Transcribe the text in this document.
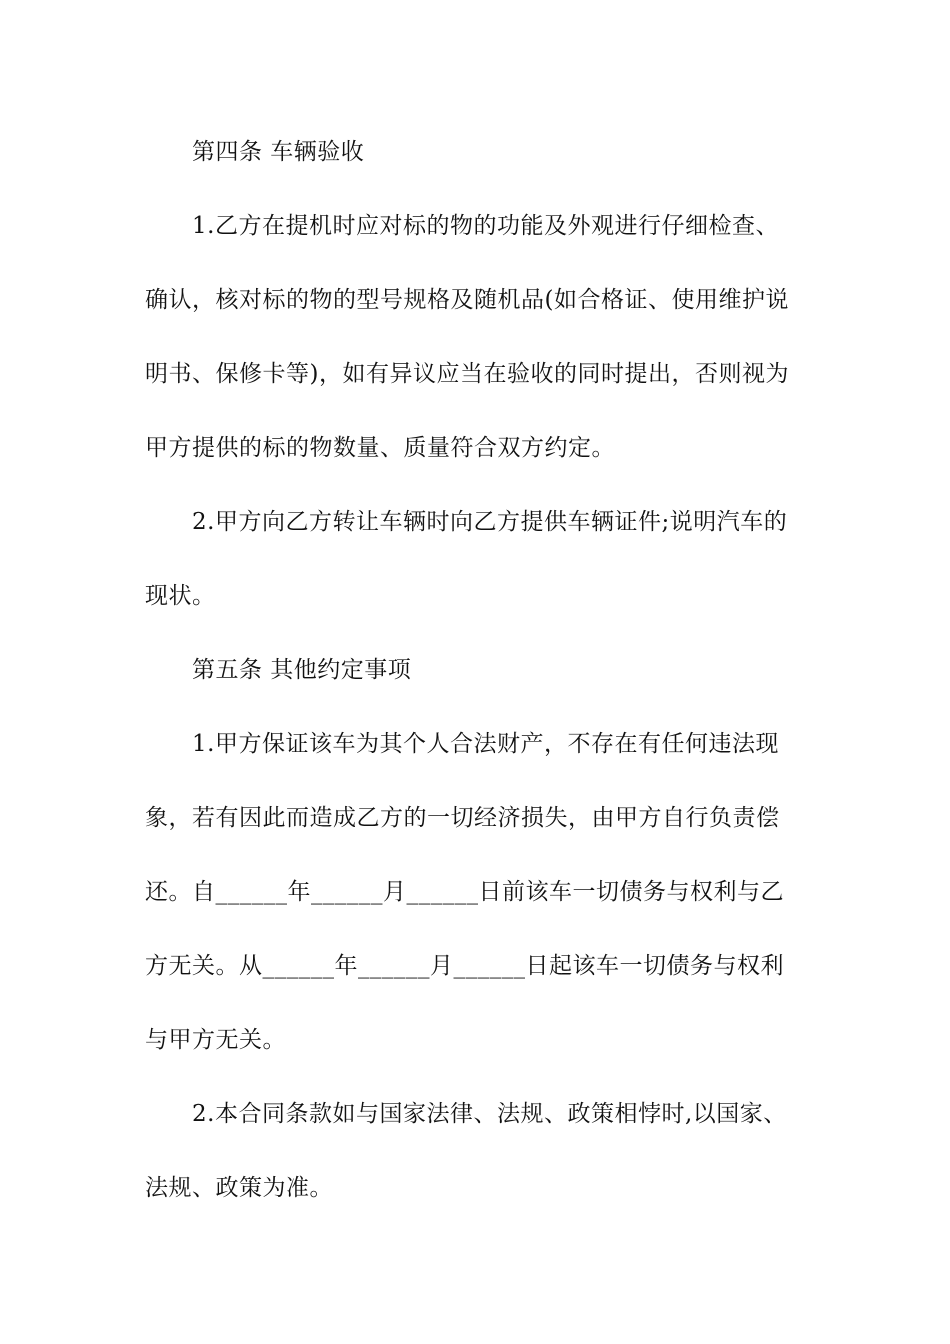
第四条 车辆验收
1.乙方在提机时应对标的物的功能及外观进行仔细检查、
确认，核对标的物的型号规格及随机品(如合格证、使用维护说
明书、保修卡等)，如有异议应当在验收的同时提出，否则视为
甲方提供的标的物数量、质量符合双方约定。
2.甲方向乙方转让车辆时向乙方提供车辆证件;说明汽车的
现状。
第五条 其他约定事项
1.甲方保证该车为其个人合法财产，不存在有任何违法现
象，若有因此而造成乙方的一切经济损失，由甲方自行负责偿
还。自______年______月______日前该车一切债务与权利与乙
方无关。从______年______月______日起该车一切债务与权利
与甲方无关。
2.本合同条款如与国家法律、法规、政策相悖时,以国家、
法规、政策为准。
